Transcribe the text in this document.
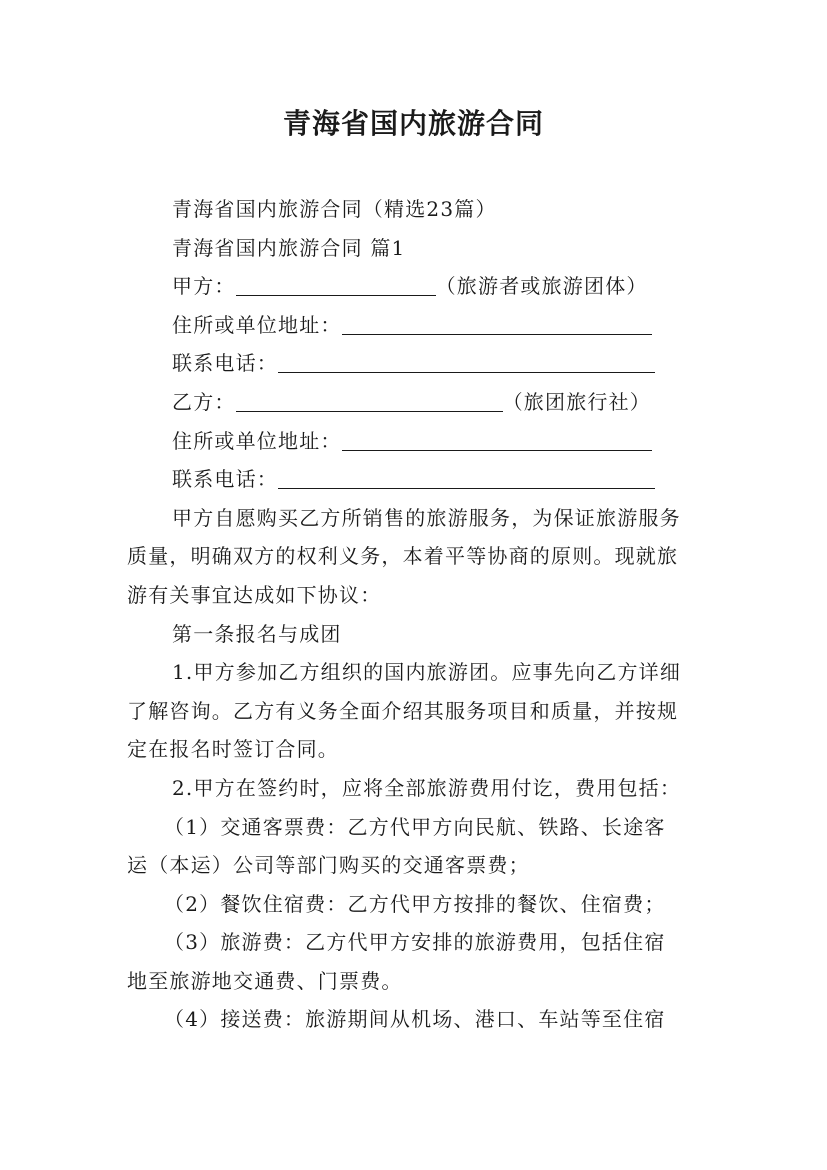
青海省国内旅游合同
青海省国内旅游合同（精选23篇）
青海省国内旅游合同 篇1
甲方：	（旅游者或旅游团体）
住所或单位地址：
联系电话：
乙方：	（旅团旅行社）
住所或单位地址：
联系电话：
甲方自愿购买乙方所销售的旅游服务，为保证旅游服务
质量，明确双方的权利义务，本着平等协商的原则。现就旅
游有关事宜达成如下协议：
第一条报名与成团
1.甲方参加乙方组织的国内旅游团。应事先向乙方详细
了解咨询。乙方有义务全面介绍其服务项目和质量，并按规
定在报名时签订合同。
2.甲方在签约时，应将全部旅游费用付讫，费用包括：
（1）交通客票费：乙方代甲方向民航、铁路、长途客
运（本运）公司等部门购买的交通客票费；
（2）餐饮住宿费：乙方代甲方按排的餐饮、住宿费；
（3）旅游费：乙方代甲方安排的旅游费用，包括住宿
地至旅游地交通费、门票费。
（4）接送费：旅游期间从机场、港口、车站等至住宿
